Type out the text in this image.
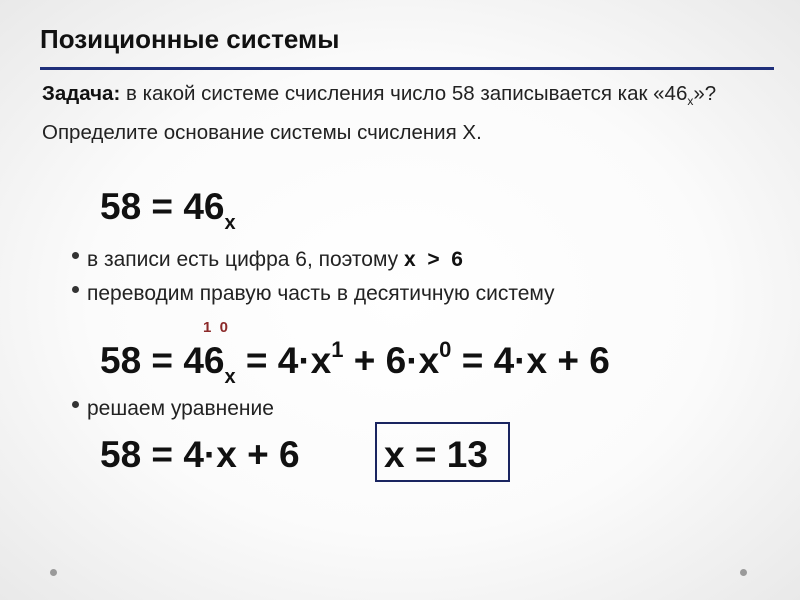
Позиционные системы
Задача: в какой системе счисления число 58 записывается как «$46_x$»? Определите основание системы счисления X.
$58 = 46_x$
в записи есть цифра 6, поэтому x  >  6
переводим правую часть в десятичную систему
1  0
$58 = 46_x = 4\cdot x^1 + 6\cdot x^0 = 4\cdot x + 6$
решаем уравнение
58 = 4·x + 6 x = 13
